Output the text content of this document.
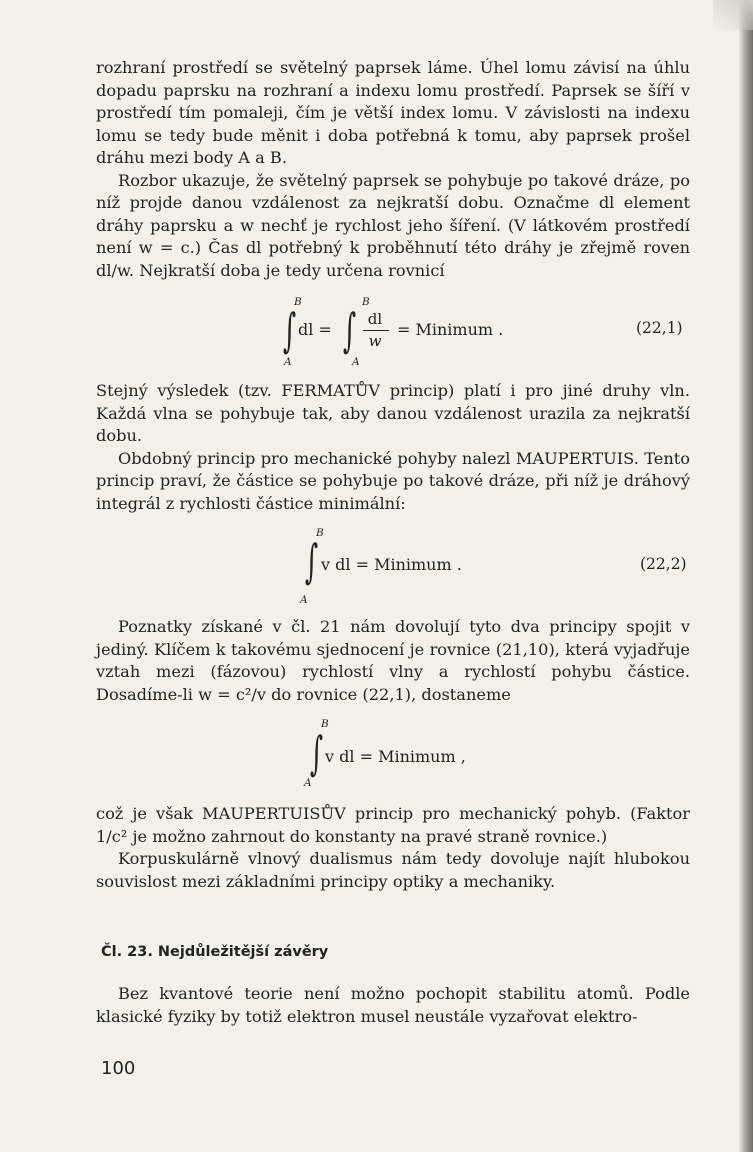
rozhraní prostředí se světelný paprsek láme. Úhel lomu závisí na úhlu dopadu paprsku na rozhraní a indexu lomu prostředí. Paprsek se šíří v prostředí tím pomaleji, čím je větší index lomu. V závislosti na indexu lomu se tedy bude měnit i doba potřebná k tomu, aby paprsek prošel dráhu mezi body A a B.

Rozbor ukazuje, že světelný paprsek se pohybuje po takové dráze, po níž projde danou vzdálenost za nejkratší dobu. Označme dl element dráhy paprsku a w nechť je rychlost jeho šíření. (V látkovém prostředí není w = c.) Čas dl potřebný k proběhnutí této dráhy je zřejmě roven dl/w. Nejkratší doba je tedy určena rovnicí

B
∫
A
dl =
B
∫
A
dl
w
= Minimum .	(22,1)

Stejný výsledek (tzv. FERMATŮV princip) platí i pro jiné druhy vln. Každá vlna se pohybuje tak, aby danou vzdálenost urazila za nejkratší dobu.

Obdobný princip pro mechanické pohyby nalezl MAUPERTUIS. Tento princip praví, že částice se pohybuje po takové dráze, při níž je dráhový integrál z rychlosti částice minimální:

B
∫
A
v dl = Minimum .	(22,2)

Poznatky získané v čl. 21 nám dovolují tyto dva principy spojit v jediný. Klíčem k takovému sjednocení je rovnice (21,10), která vyjadřuje vztah mezi (fázovou) rychlostí vlny a rychlostí pohybu částice. Dosadíme-li w = c²/v do rovnice (22,1), dostaneme

B
∫
A
v dl = Minimum ,

což je však MAUPERTUISŮV princip pro mechanický pohyb. (Faktor 1/c² je možno zahrnout do konstanty na pravé straně rovnice.)

Korpuskulárně vlnový dualismus nám tedy dovoluje najít hlubokou souvislost mezi základními principy optiky a mechaniky.

Čl. 23. Nejdůležitější závěry

Bez kvantové teorie není možno pochopit stabilitu atomů. Podle klasické fyziky by totiž elektron musel neustále vyzařovat elektro-

100
